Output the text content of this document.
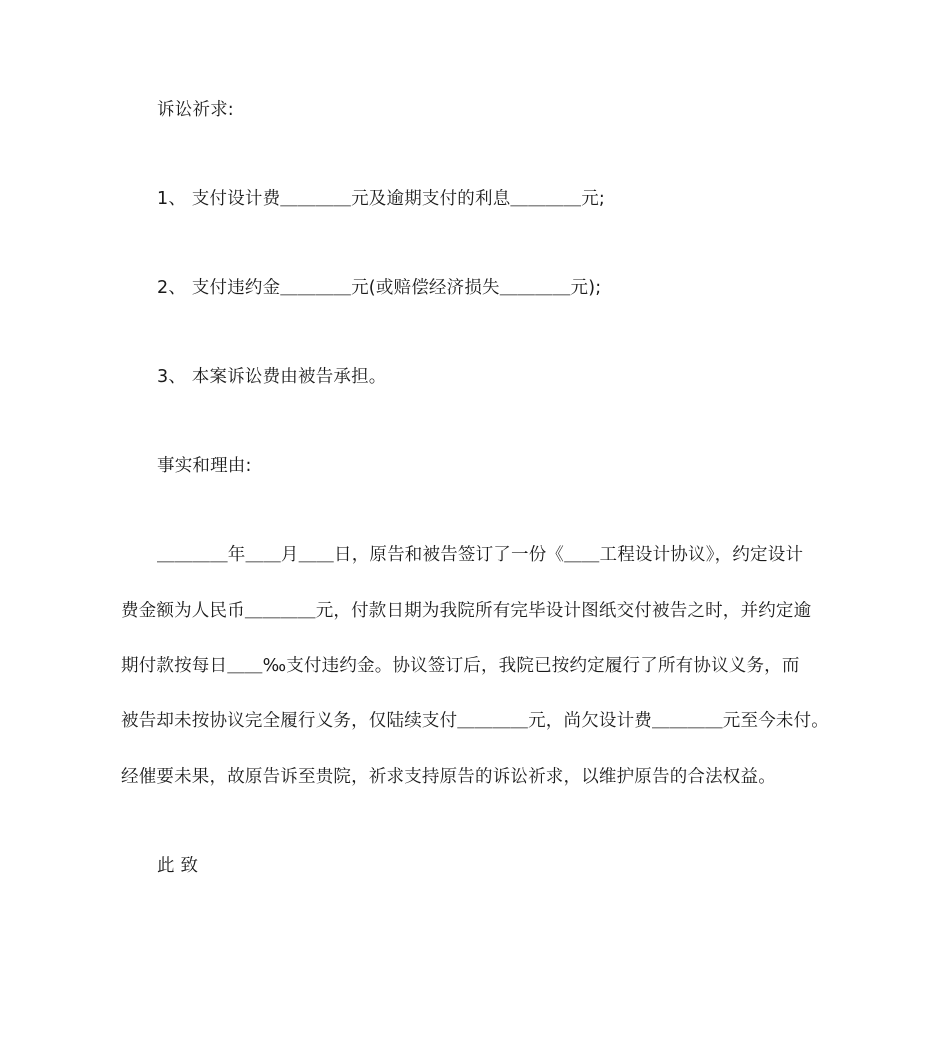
诉讼祈求:
1、 支付设计费＿＿＿＿元及逾期支付的利息＿＿＿＿元;
2、 支付违约金＿＿＿＿元(或赔偿经济损失＿＿＿＿元);
3、 本案诉讼费由被告承担。
事实和理由:
＿＿＿＿年＿＿月＿＿日，原告和被告签订了一份《＿＿工程设计协议》，约定设计
费金额为人民币＿＿＿＿元，付款日期为我院所有完毕设计图纸交付被告之时，并约定逾
期付款按每日＿＿‰支付违约金。协议签订后，我院已按约定履行了所有协议义务，而
被告却未按协议完全履行义务，仅陆续支付＿＿＿＿元，尚欠设计费＿＿＿＿元至今未付。
经催要未果，故原告诉至贵院，祈求支持原告的诉讼祈求，以维护原告的合法权益。
此 致
